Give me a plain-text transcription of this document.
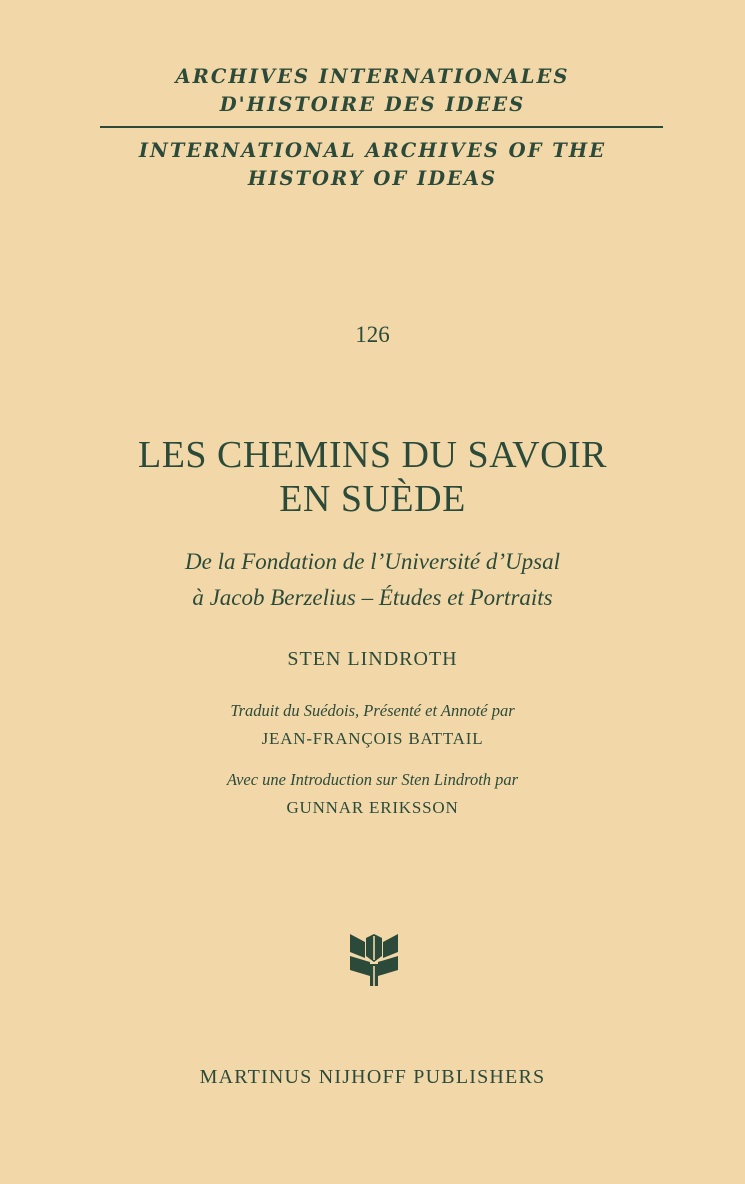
ARCHIVES INTERNATIONALES
D'HISTOIRE DES IDEES
INTERNATIONAL ARCHIVES OF THE
HISTORY OF IDEAS
126
LES CHEMINS DU SAVOIR
EN SUÈDE
De la Fondation de l’Université d’Upsal
à Jacob Berzelius – Études et Portraits
STEN LINDROTH
Traduit du Suédois, Présenté et Annoté par
JEAN-FRANÇOIS BATTAIL
Avec une Introduction sur Sten Lindroth par
GUNNAR ERIKSSON
MARTINUS NIJHOFF PUBLISHERS
